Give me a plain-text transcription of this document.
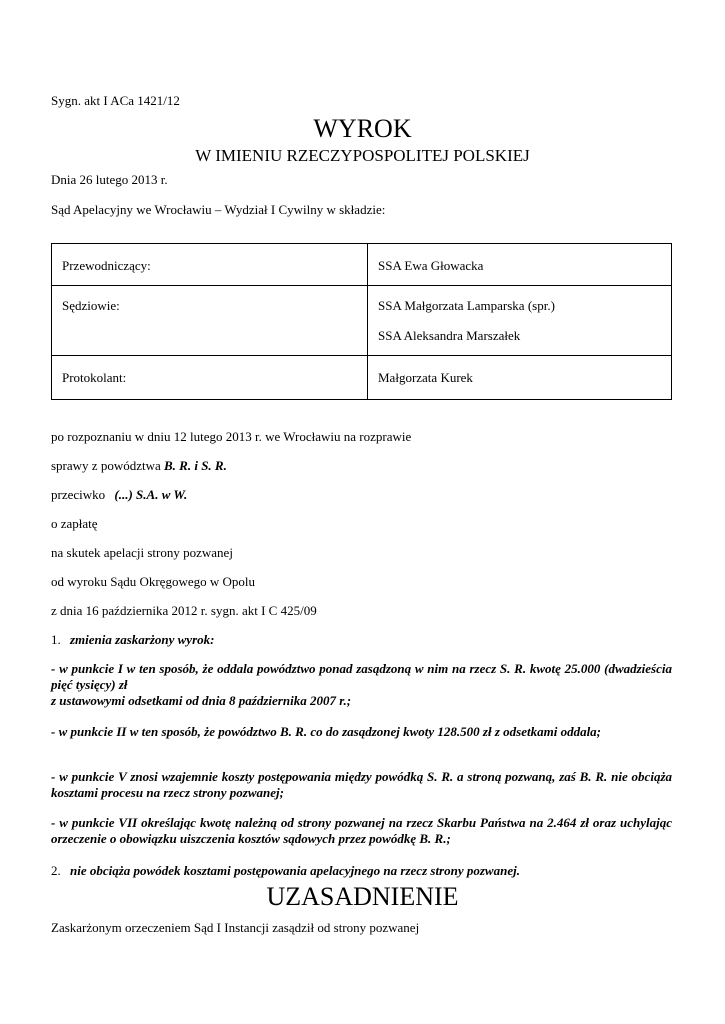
Sygn. akt I ACa 1421/12
WYROK
W IMIENIU RZECZYPOSPOLITEJ POLSKIEJ
Dnia 26 lutego 2013 r.
Sąd Apelacyjny we Wrocławiu – Wydział I Cywilny w składzie:
Przewodniczący:	SSA Ewa Głowacka

Sędziowie:	SSA Małgorzata Lamparska (spr.)
SSA Aleksandra Marszałek

Protokolant:	Małgorzata Kurek
po rozpoznaniu w dniu 12 lutego 2013 r. we Wrocławiu na rozprawie
sprawy z powództwa B. R. i S. R.
przeciwko (...) S.A. w W.
o zapłatę
na skutek apelacji strony pozwanej
od wyroku Sądu Okręgowego w Opolu
z dnia 16 października 2012 r. sygn. akt I C 425/09
1. zmienia zaskarżony wyrok:
- w punkcie I w ten sposób, że oddala powództwo ponad zasądzoną w nim na rzecz S. R. kwotę 25.000 (dwadzieścia pięć tysięcy) zł
z ustawowymi odsetkami od dnia 8 października 2007 r.;
- w punkcie II w ten sposób, że powództwo B. R. co do zasądzonej kwoty 128.500 zł z odsetkami oddala;
- w punkcie V znosi wzajemnie koszty postępowania między powódką S. R. a stroną pozwaną, zaś B. R. nie obciąża kosztami procesu na rzecz strony pozwanej;
- w punkcie VII określając kwotę należną od strony pozwanej na rzecz Skarbu Państwa na 2.464 zł oraz uchylając orzeczenie o obowiązku uiszczenia kosztów sądowych przez powódkę B. R.;
2. nie obciąża powódek kosztami postępowania apelacyjnego na rzecz strony pozwanej.
UZASADNIENIE
Zaskarżonym orzeczeniem Sąd I Instancji zasądził od strony pozwanej
